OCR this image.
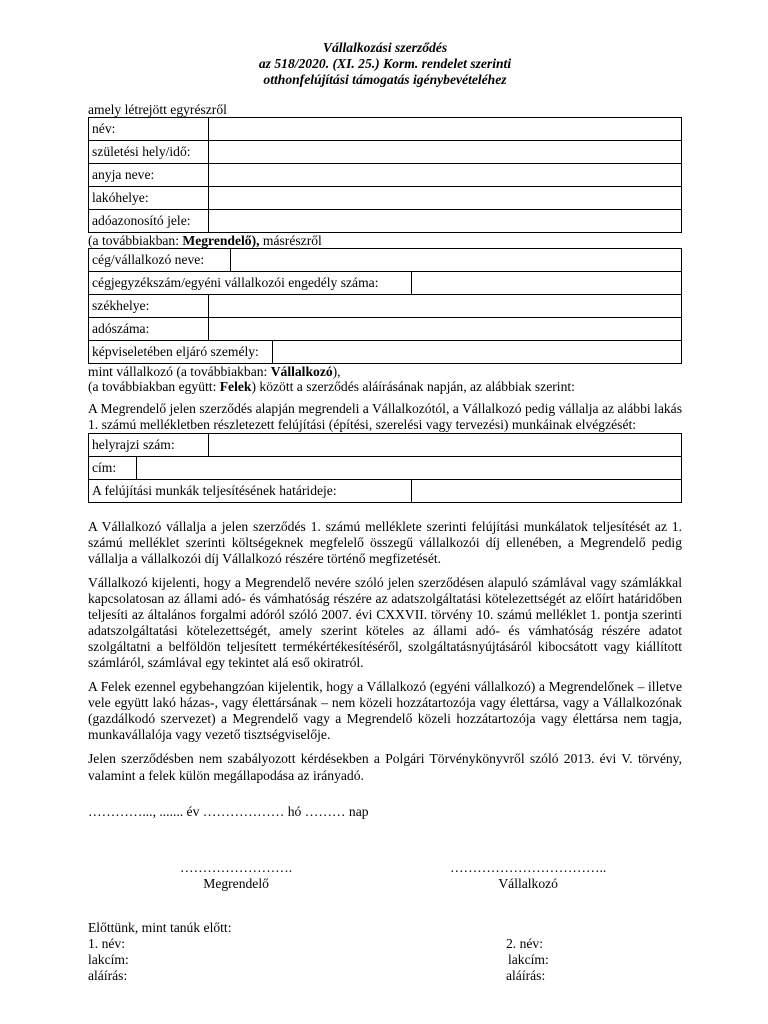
Vállalkozási szerződés
az 518/2020. (XI. 25.) Korm. rendelet szerinti
otthonfelújítási támogatás igénybevételéhez

amely létrejött egyrészről

név:	
születési hely/idő:	
anyja neve:	
lakóhelye:	
adóazonosító jele:	

(a továbbiakban: Megrendelő), másrészről

cég/vállalkozó neve:	
cégjegyzékszám/egyéni vállalkozói engedély száma:	
székhelye:	
adószáma:	
képviseletében eljáró személy:	

mint vállalkozó (a továbbiakban: Vállalkozó),

(a továbbiakban együtt: Felek) között a szerződés aláírásának napján, az alábbiak szerint:

A Megrendelő jelen szerződés alapján megrendeli a Vállalkozótól, a Vállalkozó pedig vállalja az alábbi lakás 1. számú mellékletben részletezett felújítási (építési, szerelési vagy tervezési) munkáinak elvégzését:

helyrajzi szám:	
cím:	
A felújítási munkák teljesítésének határideje:	

A Vállalkozó vállalja a jelen szerződés 1. számú melléklete szerinti felújítási munkálatok teljesítését az 1. számú melléklet szerinti költségeknek megfelelő összegű vállalkozói díj ellenében, a Megrendelő pedig vállalja a vállalkozói díj Vállalkozó részére történő megfizetését.

Vállalkozó kijelenti, hogy a Megrendelő nevére szóló jelen szerződésen alapuló számlával vagy számlákkal kapcsolatosan az állami adó- és vámhatóság részére az adatszolgáltatási kötelezettségét az előírt határidőben teljesíti az általános forgalmi adóról szóló 2007. évi CXXVII. törvény 10. számú melléklet 1. pontja szerinti adatszolgáltatási kötelezettségét, amely szerint köteles az állami adó- és vámhatóság részére adatot szolgáltatni a belföldön teljesített termékértékesítéséről, szolgáltatásnyújtásáról kibocsátott vagy kiállított számláról, számlával egy tekintet alá eső okiratról.

A Felek ezennel egybehangzóan kijelentik, hogy a Vállalkozó (egyéni vállalkozó) a Megrendelőnek – illetve vele együtt lakó házas-, vagy élettársának – nem közeli hozzátartozója vagy élettársa, vagy a Vállalkozónak (gazdálkodó szervezet) a Megrendelő vagy a Megrendelő közeli hozzátartozója vagy élettársa nem tagja, munkavállalója vagy vezető tisztségviselője.

Jelen szerződésben nem szabályozott kérdésekben a Polgári Törvénykönyvről szóló 2013. évi V. törvény, valamint a felek külön megállapodása az irányadó.

…………..., ....... év ……………… hó ……… nap

…………………….
Megrendelő
……………………………..
Vállalkozó

Előttünk, mint tanúk előtt:

1. név:
lakcím:
aláírás:
2. név:
lakcím:
aláírás:
